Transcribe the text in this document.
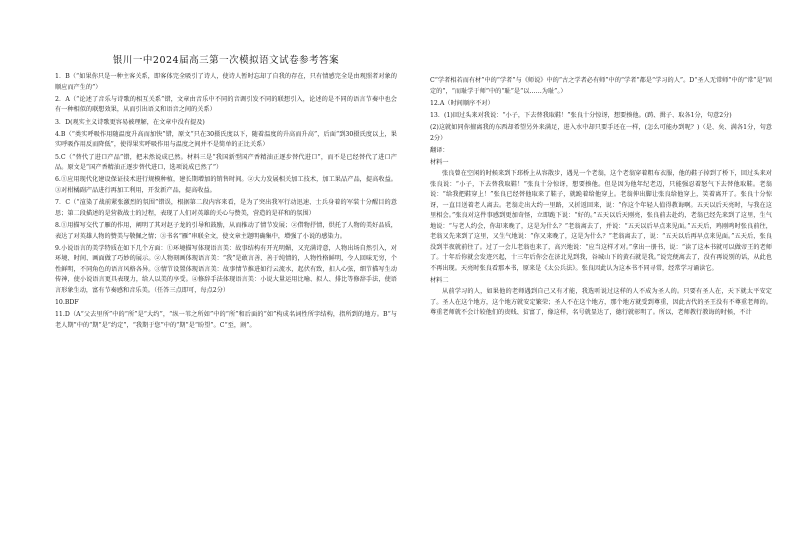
银川一中2024届高三第一次模拟语文试卷参考答案

1．B（“如果你只是一种主客关系，即客体完全吸引了诗人，使诗人暂时忘却了自我的存在，只有情感完全是由观照者对象的顺应而产生的”）

2．A（“论述了音乐与诗歌的相互关系”错，文章由音乐中不同的音调引发不同的联想引入，论述的是不同的语言节奏中也会有一种相似的联想效果，从而引出语义和语音之间的关系）

3．D(观实主义诗歌更容易被理解，在文章中没有提及)

4.B（“类实呼吸作用随温度升高而加快”错，原文“只在30摄氏度以下，随着温度的升高而升高”，后面“到30摄氏度以上，果实呼吸作用反而降低”，使得果实呼吸作用与温度之间并不是简单的正比关系）

5.C（“替代了进口产品”错，把未然说成已然。材料三是“我国新型国产香精油正逐步替代进口”，而不是已经替代了进口产品。原文是“国产香精油正逐步替代进口，选项说成已然了”）

6.①应用现代化建设保证技术进行规模种植，建长期增加的销售时间。②大力发展相关加工技术，加工果品产品，提高收益。③对柑橘副产品进行再加工利用，开发新产品，提高收益。

7．C（“渲染了战前紧张激烈的氛围”错误，根据第二段内容来看，是为了突出我军行动迅速、士兵身着的军装十分醒目的意思；第二段描述的是营救战士的过程，表现了人们对英雄的关心与赞美，营造的是祥和的氛围）

8.①用描写交代了雁的作用，阐明了其对赵子龙的引导和鼓励，从而推动了情节发展；②借物抒情，烘托了人物的美好品质，表达了对英雄人物的赞美与敬佩之情；③书名“雁”串联全文，使文章主题明确集中，增强了小说的感染力。

9.小说语言的美学特质在如下几个方面：①环境描写体现语言美：故事结构有开光明媚，又充满诗意，人物出场自然引入，对环境、时间、画面做了巧妙的展示。②人物刻画体现语言美：“我”是敢言善、善于纯情的，人物性格鲜明，令人回味无穷，个性鲜明，不同角色的语言风格各异。③情节设置体现语言美：故事情节推进如行云流水，起伏有致，扣人心弦，细节描写生动传神，使小说语言更具表现力，给人以美的享受。④修辞手法体现语言美：小说大量运用比喻、拟人、排比等修辞手法，使语言形象生动，富有节奏感和音乐美。（任答三点即可，每点2分）

10.BDF

11.D（A“父去里所”中的“所”是“大约”，“纵一苇之所如”中的“所”和后面的“如”构成名词性所字结构，指所到的地方。B“与老人期”中的“期”是“约定”，“我期于您”中的“期”是“盼望”。C“至，割”。

C“学者相若而有材”中的“学者”与《师说》中的“古之学者必有师”中的“学者”都是“学习的人”。D“圣人无常师”中的“常”是“固定的”，“而耻学于师”中的“耻”是“以……为耻”。）

12.A（时间顺序不对）

13．(1)回过头来对我说：“小子，下去替我取鞋！”张良十分惊讶，想要揍他。(踌、揖子、取各1分，句意2分)

(2)这就如同你擅离我的东西却希望另外来满足，进入水中却只要手还在一样，(怎么可能办到呢？)（是、矣、满各1分，句意2分）

翻译：

材料一

张良曾在空闲的时候来到下邳桥上从容散步，遇见一个老翁，这个老翁穿着粗布衣服，他的鞋子掉到了桥下，回过头来对张良说：“小子，下去替我取鞋！”张良十分惊讶，想要揍他。但是因为他年纪老迈，只能强忍着怒气下去替他取鞋。老翁说：“给我把鞋穿上！”张良已经替他取来了鞋子，就跪着给他穿上。老翁伸出脚让张良给他穿上，笑着离开了。张良十分惊讶，一直目送着老人离去。老翁走出大约一里路，又折返回来，说：“你这个年轻人值得教诲啊。五天以后天亮时，与我在这里相会。”张良对这件事感到更加奇怪，立即跪下说：“好的。”五天以后天刚亮，张良前去赴约，老翁已经先来到了这里，生气地说：“与老人约会，你却来晚了，这是为什么？”老翁离去了，并说：“五天以后早点来见面。”五天后，鸡刚鸣时张良前往，老翁又先来到了这里，又生气地说：“你又来晚了，这是为什么？”老翁离去了，说：“五天以后再早点来见面。”五天后，张良没到半夜就前往了。过了一会儿老翁也来了，高兴地说：“应当这样才对。”拿出一册书，说：“读了这本书就可以做帝王的老师了。十年后你就会发迹兴起，十三年后你会在济北见到我，谷城山下的黄石就是我。”说完便离去了，没有再说别的话，从此也不再出现。天亮时张良看那本书，原来是《太公兵法》。张良因此认为这本书不同寻常，经常学习诵读它。

材料二

从前学习的人，如果他的老师遇到自己又有才能，我选听说过这样的人不成为圣人的。只要有圣人在，天下就太平安定了。圣人在这个地方，这个地方就安定繁荣；圣人不在这个地方，那个地方就受到尊重，因此古代的圣王没有不尊重老师的。尊重老师就不会计较他们的贵贱、贫富了，像这样，名号就显达了，德行就彰明了。所以，老师教行教诲的时候，不计
